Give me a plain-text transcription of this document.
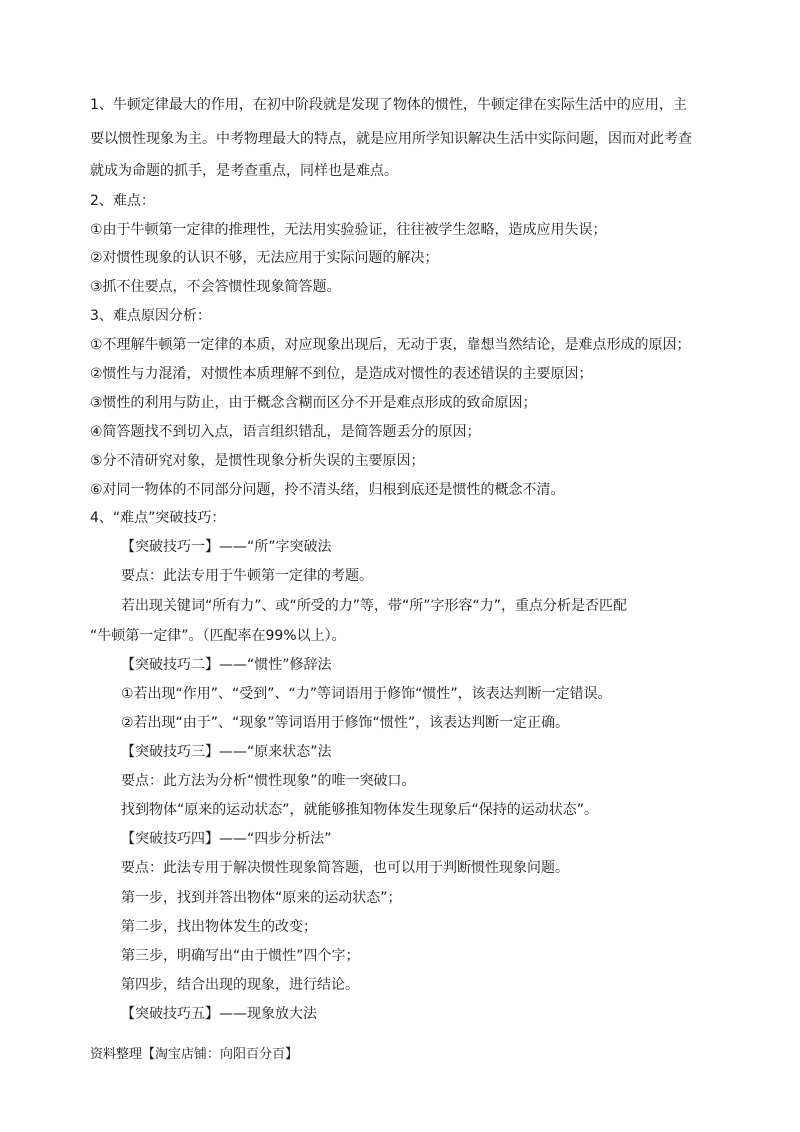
1、牛顿定律最大的作用，在初中阶段就是发现了物体的惯性，牛顿定律在实际生活中的应用，主
要以惯性现象为主。中考物理最大的特点，就是应用所学知识解决生活中实际问题，因而对此考查
就成为命题的抓手，是考查重点，同样也是难点。
2、难点：
①由于牛顿第一定律的推理性，无法用实验验证，往往被学生忽略，造成应用失误；
②对惯性现象的认识不够，无法应用于实际问题的解决；
③抓不住要点，不会答惯性现象简答题。
3、难点原因分析：
①不理解牛顿第一定律的本质，对应现象出现后，无动于衷，靠想当然结论，是难点形成的原因；
②惯性与力混淆，对惯性本质理解不到位，是造成对惯性的表述错误的主要原因；
③惯性的利用与防止，由于概念含糊而区分不开是难点形成的致命原因；
④简答题找不到切入点，语言组织错乱，是简答题丢分的原因；
⑤分不清研究对象，是惯性现象分析失误的主要原因；
⑥对同一物体的不同部分问题，拎不清头绪，归根到底还是惯性的概念不清。
4、“难点”突破技巧：
【突破技巧一】——“所”字突破法
要点：此法专用于牛顿第一定律的考题。
若出现关键词“所有力”、或“所受的力”等，带“所”字形容“力”，重点分析是否匹配
“牛顿第一定律”。（匹配率在99%以上）。
【突破技巧二】——“惯性”修辞法
①若出现“作用”、“受到”、“力”等词语用于修饰“惯性”，该表达判断一定错误。
②若出现“由于”、“现象”等词语用于修饰“惯性”，该表达判断一定正确。
【突破技巧三】——“原来状态”法
要点：此方法为分析“惯性现象”的唯一突破口。
找到物体“原来的运动状态”，就能够推知物体发生现象后“保持的运动状态”。
【突破技巧四】——“四步分析法”
要点：此法专用于解决惯性现象简答题，也可以用于判断惯性现象问题。
第一步，找到并答出物体“原来的运动状态”；
第二步，找出物体发生的改变；
第三步，明确写出“由于惯性”四个字；
第四步，结合出现的现象，进行结论。
【突破技巧五】——现象放大法
资料整理【淘宝店铺：向阳百分百】
